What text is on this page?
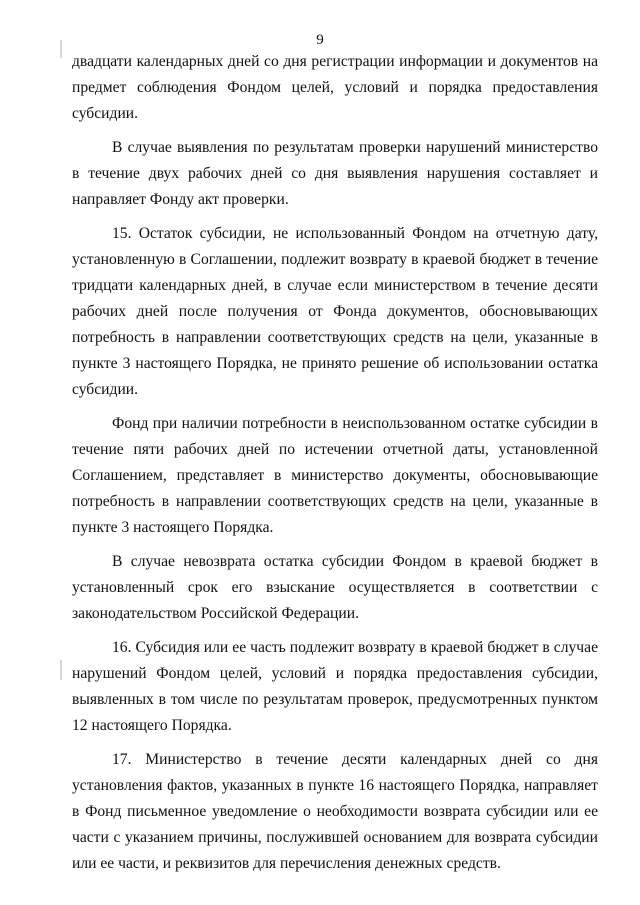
9

двадцати календарных дней со дня регистрации информации и документов на предмет соблюдения Фондом целей, условий и порядка предоставления субсидии.

В случае выявления по результатам проверки нарушений министерство в течение двух рабочих дней со дня выявления нарушения составляет и направляет Фонду акт проверки.

15. Остаток субсидии, не использованный Фондом на отчетную дату, установленную в Соглашении, подлежит возврату в краевой бюджет в течение тридцати календарных дней, в случае если министерством в течение десяти рабочих дней после получения от Фонда документов, обосновывающих потребность в направлении соответствующих средств на цели, указанные в пункте 3 настоящего Порядка, не принято решение об использовании остатка субсидии.

Фонд при наличии потребности в неиспользованном остатке субсидии в течение пяти рабочих дней по истечении отчетной даты, установленной Соглашением, представляет в министерство документы, обосновывающие потребность в направлении соответствующих средств на цели, указанные в пункте 3 настоящего Порядка.

В случае невозврата остатка субсидии Фондом в краевой бюджет в установленный срок его взыскание осуществляется в соответствии с законодательством Российской Федерации.

16. Субсидия или ее часть подлежит возврату в краевой бюджет в случае нарушений Фондом целей, условий и порядка предоставления субсидии, выявленных в том числе по результатам проверок, предусмотренных пунктом 12 настоящего Порядка.

17. Министерство в течение десяти календарных дней со дня установления фактов, указанных в пункте 16 настоящего Порядка, направляет в Фонд письменное уведомление о необходимости возврата субсидии или ее части с указанием причины, послужившей основанием для возврата субсидии или ее части, и реквизитов для перечисления денежных средств.
